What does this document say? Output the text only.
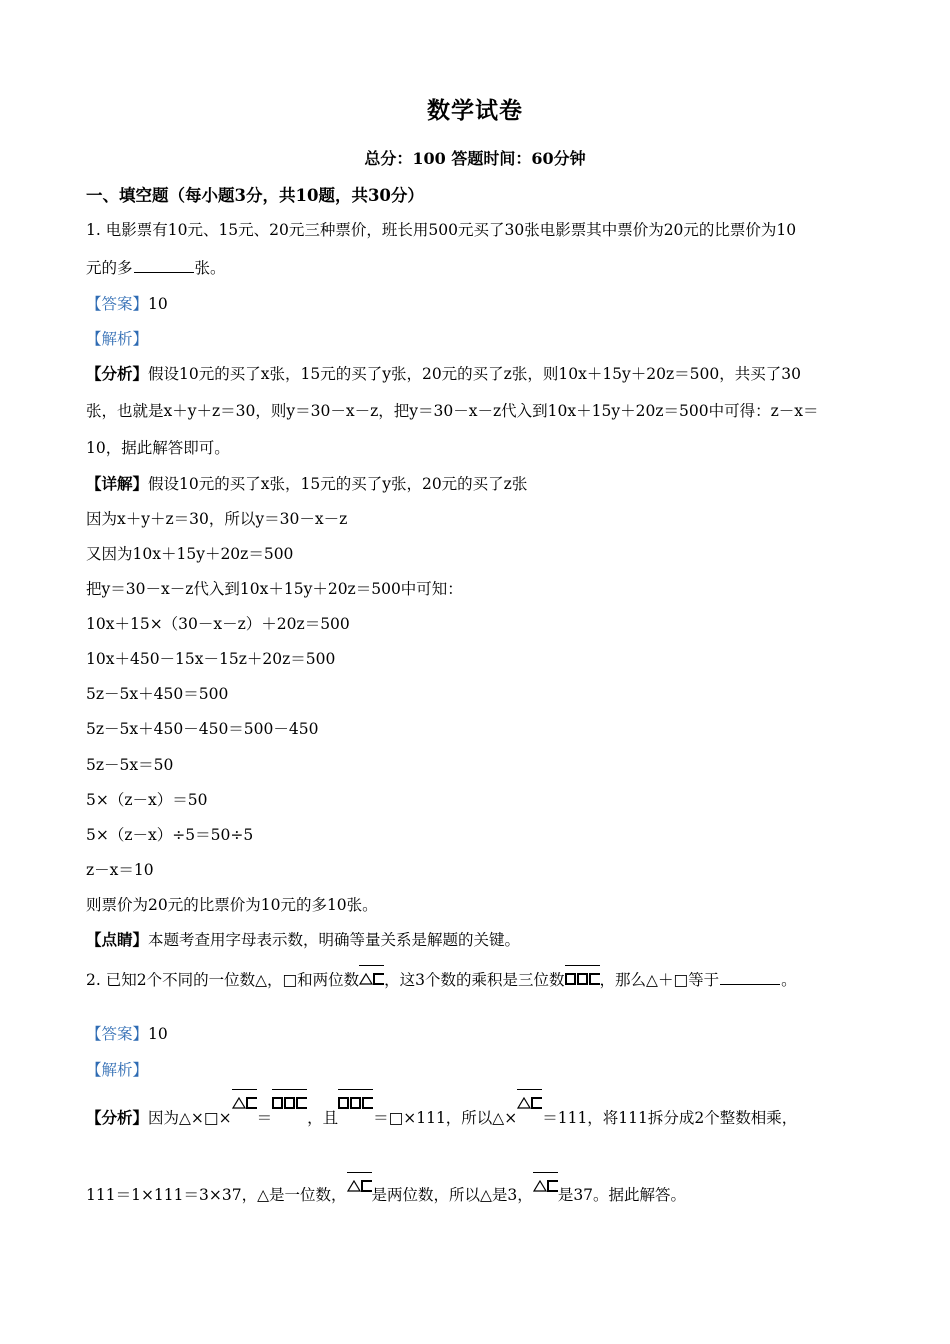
数学试卷
总分：100 答题时间：60分钟
一、填空题（每小题3分，共10题，共30分）
1. 电影票有10元、15元、20元三种票价，班长用500元买了30张电影票其中票价为20元的比票价为10
元的多	张。
【答案】10
【解析】
【分析】假设10元的买了x张，15元的买了y张，20元的买了z张，则10x＋15y＋20z＝500，共买了30
张，也就是x＋y＋z＝30，则y＝30－x－z，把y＝30－x－z代入到10x＋15y＋20z＝500中可得：z－x＝
10，据此解答即可。
【详解】假设10元的买了x张，15元的买了y张，20元的买了z张
因为x＋y＋z＝30，所以y＝30－x－z
又因为10x＋15y＋20z＝500
把y＝30－x－z代入到10x＋15y＋20z＝500中可知：
10x＋15×（30－x－z）＋20z＝500
10x＋450－15x－15z＋20z＝500
5z－5x＋450＝500
5z－5x＋450－450＝500－450
5z－5x＝50
5×（z－x）＝50
5×（z－x）÷5＝50÷5
z－x＝10
则票价为20元的比票价为10元的多10张。
【点睛】本题考查用字母表示数，明确等量关系是解题的关键。
2. 已知2个不同的一位数△，□和两位数 ，这3个数的乘积是三位数 ，那么△＋□等于	。
【答案】10
【解析】
【分析】因为△×□× ＝ ，且 ＝□×111，所以△× ＝111，将111拆分成2个整数相乘，
111＝1×111＝3×37，△是一位数， 是两位数，所以△是3， 是37。据此解答。
